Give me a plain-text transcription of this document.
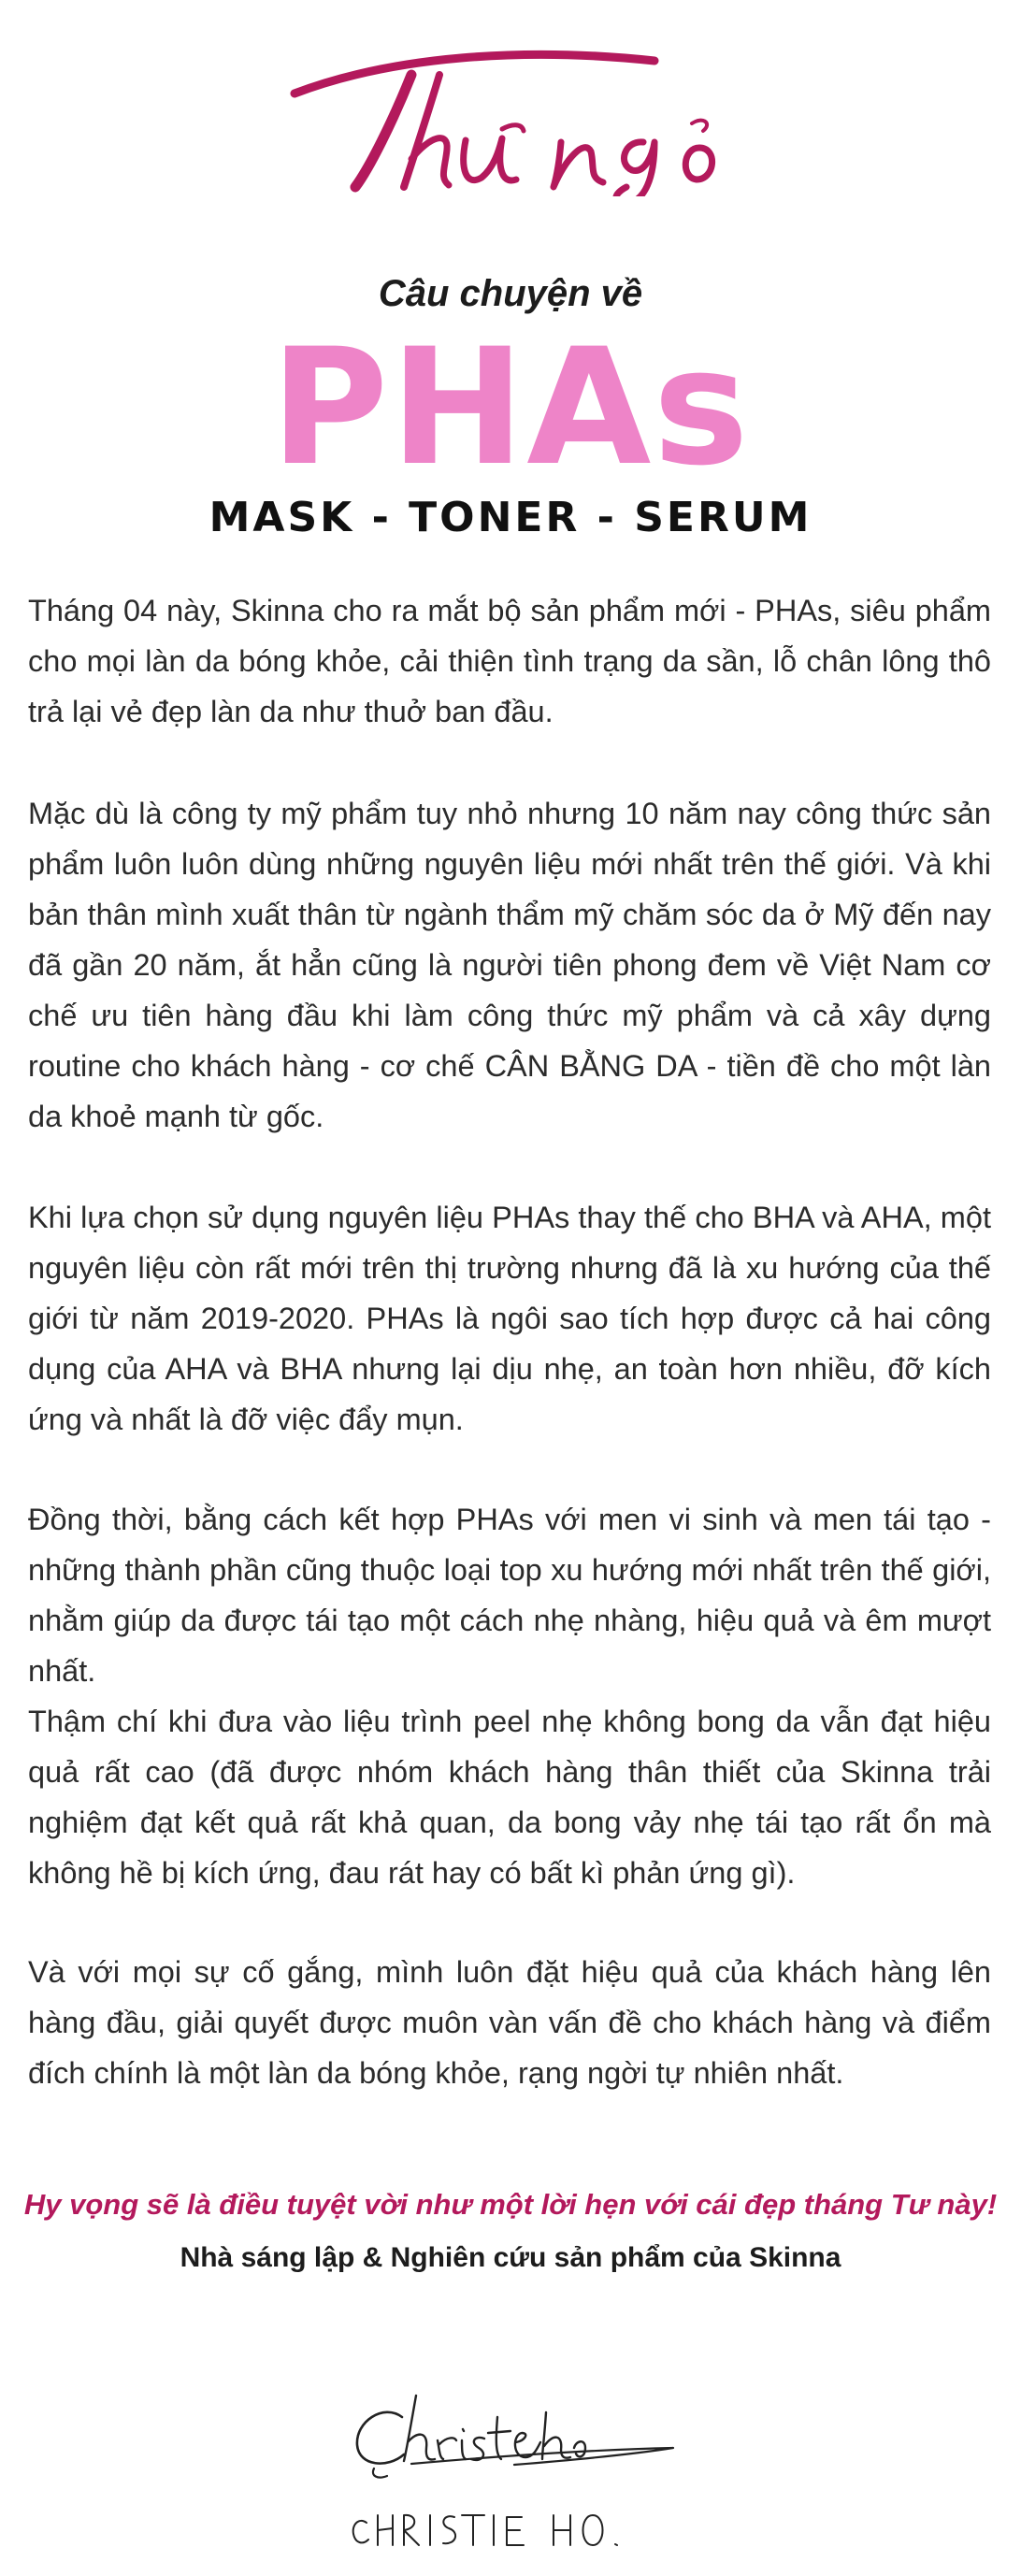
Câu chuyện về
PHAs
MASK - TONER - SERUM

Tháng 04 này, Skinna cho ra mắt bộ sản phẩm mới - PHAs, siêu phẩm cho mọi làn da bóng khỏe, cải thiện tình trạng da sần, lỗ chân lông thô trả lại vẻ đẹp làn da như thuở ban đầu.

Mặc dù là công ty mỹ phẩm tuy nhỏ nhưng 10 năm nay công thức sản phẩm luôn luôn dùng những nguyên liệu mới nhất trên thế giới. Và khi bản thân mình xuất thân từ ngành thẩm mỹ chăm sóc da ở Mỹ đến nay đã gần 20 năm, ắt hẳn cũng là người tiên phong đem về Việt Nam cơ chế ưu tiên hàng đầu khi làm công thức mỹ phẩm và cả xây dựng routine cho khách hàng - cơ chế CÂN BẰNG DA - tiền đề cho một làn da khoẻ mạnh từ gốc.

Khi lựa chọn sử dụng nguyên liệu PHAs thay thế cho BHA và AHA, một nguyên liệu còn rất mới trên thị trường nhưng đã là xu hướng của thế giới từ năm 2019-2020. PHAs là ngôi sao tích hợp được cả hai công dụng của AHA và BHA nhưng lại dịu nhẹ, an toàn hơn nhiều, đỡ kích ứng và nhất là đỡ việc đẩy mụn.

Đồng thời, bằng cách kết hợp PHAs với men vi sinh và men tái tạo - những thành phần cũng thuộc loại top xu hướng mới nhất trên thế giới, nhằm giúp da được tái tạo một cách nhẹ nhàng, hiệu quả và êm mượt nhất.

Thậm chí khi đưa vào liệu trình peel nhẹ không bong da vẫn đạt hiệu quả rất cao (đã được nhóm khách hàng thân thiết của Skinna trải nghiệm đạt kết quả rất khả quan, da bong vảy nhẹ tái tạo rất ổn mà không hề bị kích ứng, đau rát hay có bất kì phản ứng gì).

Và với mọi sự cố gắng, mình luôn đặt hiệu quả của khách hàng lên hàng đầu, giải quyết được muôn vàn vấn đề cho khách hàng và điểm đích chính là một làn da bóng khỏe, rạng ngời tự nhiên nhất.

Hy vọng sẽ là điều tuyệt vời như một lời hẹn với cái đẹp tháng Tư này!
Nhà sáng lập & Nghiên cứu sản phẩm của Skinna
